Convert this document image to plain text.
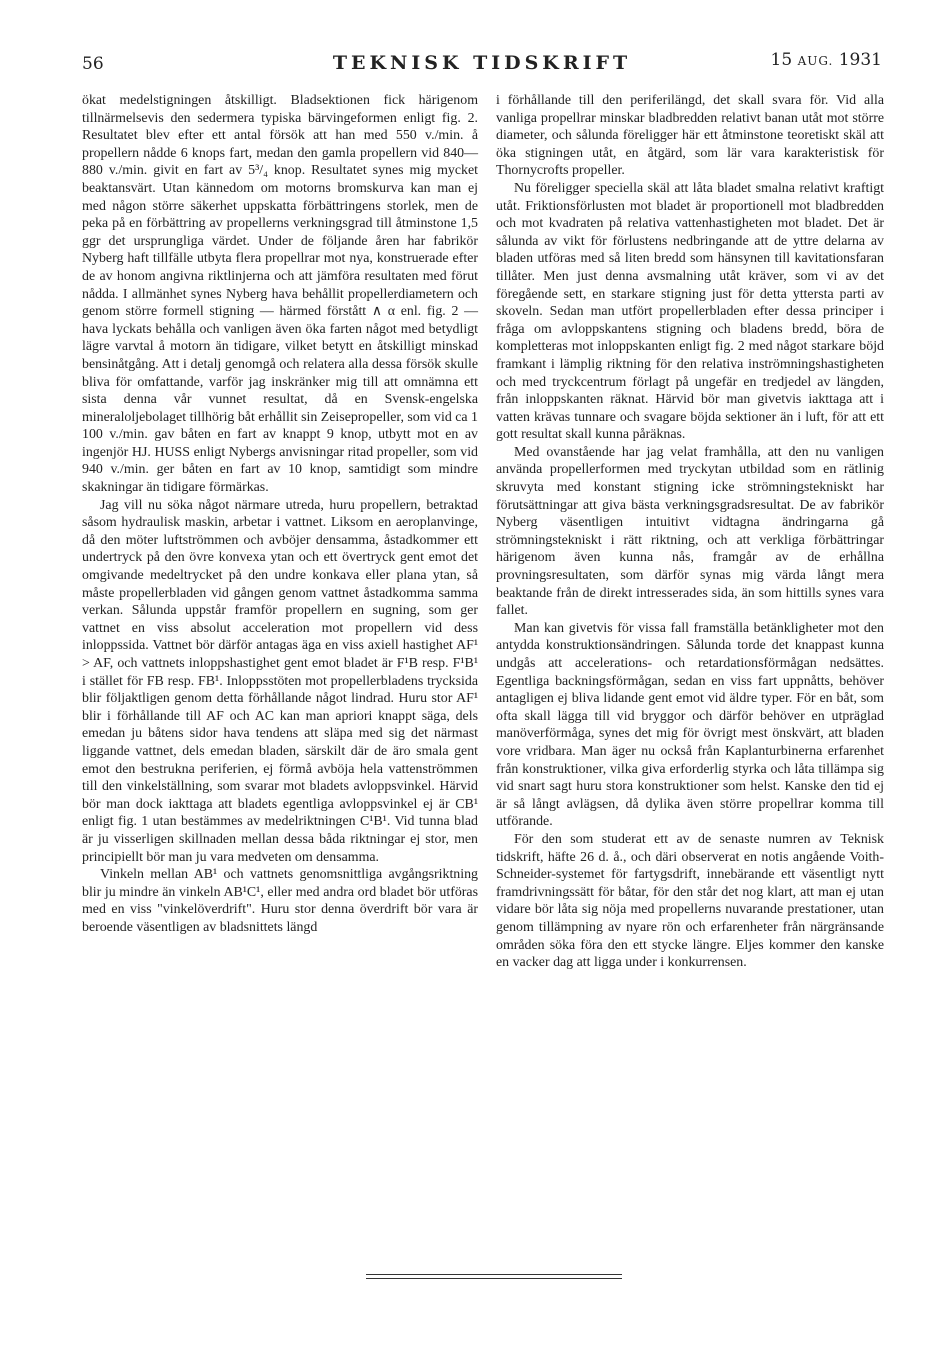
56	TEKNISK TIDSKRIFT	15 AUG. 1931

ökat medelstigningen åtskilligt. Bladsektionen fick härigenom tillnärmelsevis den sedermera typiska bärvingeformen enligt fig. 2. Resultatet blev efter ett antal försök att han med 550 v./min. å propellern nådde 6 knops fart, medan den gamla propellern vid 840—880 v./min. givit en fart av 5³/₄ knop. Resultatet synes mig mycket beaktansvärt. Utan kännedom om motorns bromskurva kan man ej med någon större säkerhet uppskatta förbättringens storlek, men de peka på en förbättring av propellerns verkningsgrad till åtminstone 1,5 ggr det ursprungliga värdet. Under de följande åren har fabrikör Nyberg haft tillfälle utbyta flera propellrar mot nya, konstruerade efter de av honom angivna riktlinjerna och att jämföra resultaten med förut nådda. I allmänhet synes Nyberg hava behållit propellerdiametern och genom större formell stigning — härmed förstått ∧ α enl. fig. 2 — hava lyckats behålla och vanligen även öka farten något med betydligt lägre varvtal å motorn än tidigare, vilket betytt en åtskilligt minskad bensinåtgång. Att i detalj genomgå och relatera alla dessa försök skulle bliva för omfattande, varför jag inskränker mig till att omnämna ett sista denna vår vunnet resultat, då en Svensk-engelska mineraloljebolaget tillhörig båt erhållit sin Zeisepropeller, som vid ca 1 100 v./min. gav båten en fart av knappt 9 knop, utbytt mot en av ingenjör HJ. HUSS enligt Nybergs anvisningar ritad propeller, som vid 940 v./min. ger båten en fart av 10 knop, samtidigt som mindre skakningar än tidigare förmärkas.

Jag vill nu söka något närmare utreda, huru propellern, betraktad såsom hydraulisk maskin, arbetar i vattnet. Liksom en aeroplanvinge, då den möter luftströmmen och avböjer densamma, åstadkommer ett undertryck på den övre konvexa ytan och ett övertryck gent emot det omgivande medeltrycket på den undre konkava eller plana ytan, så måste propellerbladen vid gången genom vattnet åstadkomma samma verkan. Sålunda uppstår framför propellern en sugning, som ger vattnet en viss absolut acceleration mot propellern vid dess inloppssida. Vattnet bör därför antagas äga en viss axiell hastighet AF¹ > AF, och vattnets inloppshastighet gent emot bladet är F¹B resp. F¹B¹ i stället för FB resp. FB¹. Inloppsstöten mot propellerbladens trycksida blir följaktligen genom detta förhållande något lindrad. Huru stor AF¹ blir i förhållande till AF och AC kan man apriori knappt säga, dels emedan ju båtens sidor hava tendens att släpa med sig det närmast liggande vattnet, dels emedan bladen, särskilt där de äro smala gent emot den bestrukna periferien, ej förmå avböja hela vattenströmmen till den vinkelställning, som svarar mot bladets avloppsvinkel. Härvid bör man dock iakttaga att bladets egentliga avloppsvinkel ej är CB¹ enligt fig. 1 utan bestämmes av medelriktningen C¹B¹. Vid tunna blad är ju visserligen skillnaden mellan dessa båda riktningar ej stor, men principiellt bör man ju vara medveten om densamma.

Vinkeln mellan AB¹ och vattnets genomsnittliga avgångsriktning blir ju mindre än vinkeln AB¹C¹, eller med andra ord bladet bör utföras med en viss "vinkelöverdrift". Huru stor denna överdrift bör vara är beroende väsentligen av bladsnittets längd

i förhållande till den periferilängd, det skall svara för. Vid alla vanliga propellrar minskar bladbredden relativt banan utåt mot större diameter, och sålunda föreligger här ett åtminstone teoretiskt skäl att öka stigningen utåt, en åtgärd, som lär vara karakteristisk för Thornycrofts propeller.

Nu föreligger speciella skäl att låta bladet smalna relativt kraftigt utåt. Friktionsförlusten mot bladet är proportionell mot bladbredden och mot kvadraten på relativa vattenhastigheten mot bladet. Det är sålunda av vikt för förlustens nedbringande att de yttre delarna av bladen utföras med så liten bredd som hänsynen till kavitationsfaran tillåter. Men just denna avsmalning utåt kräver, som vi av det föregående sett, en starkare stigning just för detta yttersta parti av skoveln. Sedan man utfört propellerbladen efter dessa principer i fråga om avloppskantens stigning och bladens bredd, böra de kompletteras mot inloppskanten enligt fig. 2 med något starkare böjd framkant i lämplig riktning för den relativa inströmningshastigheten och med tryckcentrum förlagt på ungefär en tredjedel av längden, från inloppskanten räknat. Härvid bör man givetvis iakttaga att i vatten krävas tunnare och svagare böjda sektioner än i luft, för att ett gott resultat skall kunna påräknas.

Med ovanstående har jag velat framhålla, att den nu vanligen använda propellerformen med tryckytan utbildad som en rätlinig skruvyta med konstant stigning icke strömningstekniskt har förutsättningar att giva bästa verkningsgradsresultat. De av fabrikör Nyberg väsentligen intuitivt vidtagna ändringarna gå strömningstekniskt i rätt riktning, och att verkliga förbättringar härigenom även kunna nås, framgår av de erhållna provningsresultaten, som därför synas mig värda långt mera beaktande från de direkt intresserades sida, än som hittills synes vara fallet.

Man kan givetvis för vissa fall framställa betänkligheter mot den antydda konstruktionsändringen. Sålunda torde det knappast kunna undgås att accelerations- och retardationsförmågan nedsättes. Egentliga backningsförmågan, sedan en viss fart uppnåtts, behöver antagligen ej bliva lidande gent emot vid äldre typer. För en båt, som ofta skall lägga till vid bryggor och därför behöver en utpräglad manöverförmåga, synes det mig för övrigt mest önskvärt, att bladen vore vridbara. Man äger nu också från Kaplanturbinerna erfarenhet från konstruktioner, vilka giva erforderlig styrka och låta tillämpa sig vid snart sagt huru stora konstruktioner som helst. Kanske den tid ej är så långt avlägsen, då dylika även större propellrar komma till utförande.

För den som studerat ett av de senaste numren av Teknisk tidskrift, häfte 26 d. å., och däri observerat en notis angående Voith-Schneider-systemet för fartygsdrift, innebärande ett väsentligt nytt framdrivningssätt för båtar, för den står det nog klart, att man ej utan vidare bör låta sig nöja med propellerns nuvarande prestationer, utan genom tillämpning av nyare rön och erfarenheter från närgränsande områden söka föra den ett stycke längre. Eljes kommer den kanske en vacker dag att ligga under i konkurrensen.
